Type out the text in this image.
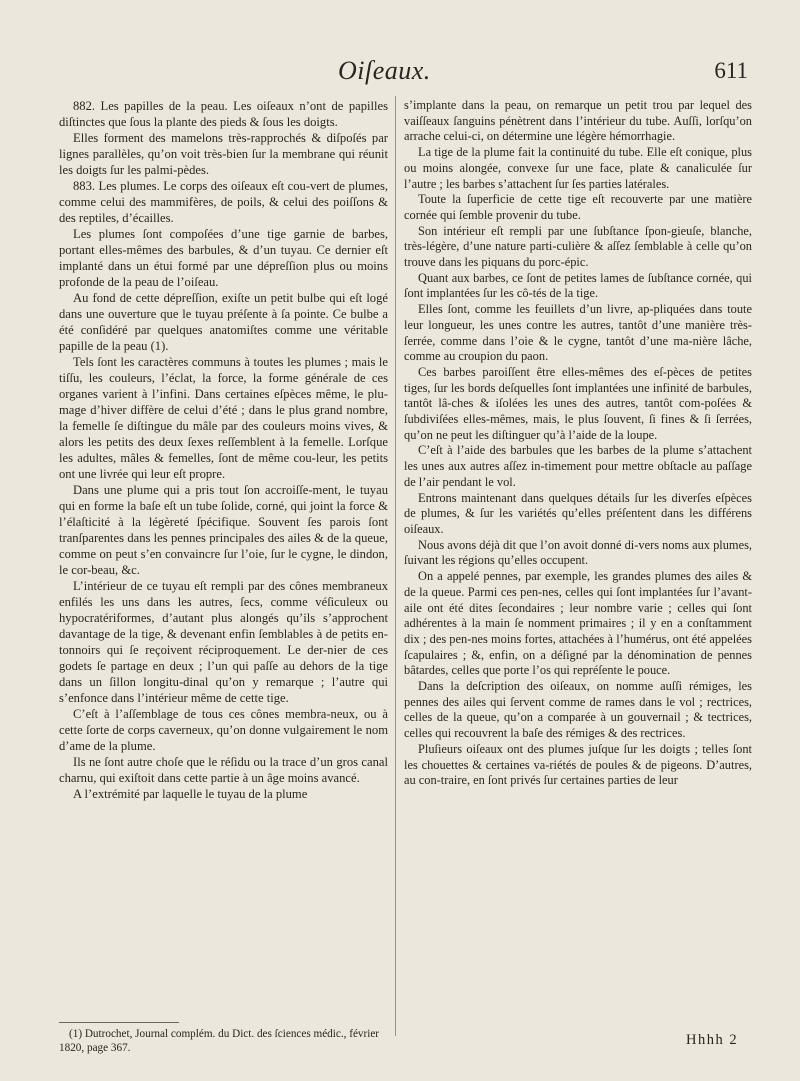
Oiſeaux.	611

882. Les papilles de la peau. Les oiſeaux n’ont de papilles diſtinctes que ſous la plante des pieds & ſous les doigts.

Elles forment des mamelons très-rapprochés & diſpoſés par lignes parallèles, qu’on voit très-bien ſur la membrane qui réunit les doigts ſur les palmi-pèdes.

883. Les plumes. Le corps des oiſeaux eſt cou-vert de plumes, comme celui des mammifères, de poils, & celui des poiſſons & des reptiles, d’écailles.

Les plumes ſont compoſées d’une tige garnie de barbes, portant elles-mêmes des barbules, & d’un tuyau. Ce dernier eſt implanté dans un étui formé par une dépreſſion plus ou moins profonde de la peau de l’oiſeau.

Au fond de cette dépreſſion, exiſte un petit bulbe qui eſt logé dans une ouverture que le tuyau préſente à ſa pointe. Ce bulbe a été conſidéré par quelques anatomiſtes comme une véritable papille de la peau (1).

Tels ſont les caractères communs à toutes les plumes ; mais le tiſſu, les couleurs, l’éclat, la force, la forme générale de ces organes varient à l’infini. Dans certaines eſpèces même, le plu-mage d’hiver diffère de celui d’été ; dans le plus grand nombre, la femelle ſe diſtingue du mâle par des couleurs moins vives, & alors les petits des deux ſexes reſſemblent à la femelle. Lorſque les adultes, mâles & femelles, ſont de même cou-leur, les petits ont une livrée qui leur eſt propre.

Dans une plume qui a pris tout ſon accroiſſe-ment, le tuyau qui en forme la baſe eſt un tube ſolide, corné, qui joint la force & l’élaſticité à la légèreté ſpécifique. Souvent ſes parois ſont tranſparentes dans les pennes principales des ailes & de la queue, comme on peut s’en convaincre ſur l’oie, ſur le cygne, le dindon, le cor-beau, &c.

L’intérieur de ce tuyau eſt rempli par des cônes membraneux enfilés les uns dans les autres, ſecs, comme véſiculeux ou hypocratériformes, d’autant plus alongés qu’ils s’approchent davantage de la tige, & devenant enfin ſemblables à de petits en-tonnoirs qui ſe reçoivent réciproquement. Le der-nier de ces godets ſe partage en deux ; l’un qui paſſe au dehors de la tige dans un ſillon longitu-dinal qu’on y remarque ; l’autre qui s’enfonce dans l’intérieur même de cette tige.

C’eſt à l’aſſemblage de tous ces cônes membra-neux, ou à cette ſorte de corps caverneux, qu’on donne vulgairement le nom d’ame de la plume.

Ils ne ſont autre choſe que le réſidu ou la trace d’un gros canal charnu, qui exiſtoit dans cette partie à un âge moins avancé.

A l’extrémité par laquelle le tuyau de la plume

s’implante dans la peau, on remarque un petit trou par lequel des vaiſſeaux ſanguins pénètrent dans l’intérieur du tube. Auſſi, lorſqu’on arrache celui-ci, on détermine une légère hémorrhagie.

La tige de la plume fait la continuité du tube. Elle eſt conique, plus ou moins alongée, convexe ſur une face, plate & canaliculée ſur l’autre ; les barbes s’attachent ſur ſes parties latérales.

Toute la ſuperficie de cette tige eſt recouverte par une matière cornée qui ſemble provenir du tube.

Son intérieur eſt rempli par une ſubſtance ſpon-gieuſe, blanche, très-légère, d’une nature parti-culière & aſſez ſemblable à celle qu’on trouve dans les piquans du porc-épic.

Quant aux barbes, ce ſont de petites lames de ſubſtance cornée, qui ſont implantées ſur les cô-tés de la tige.

Elles ſont, comme les feuillets d’un livre, ap-pliquées dans toute leur longueur, les unes contre les autres, tantôt d’une manière très-ſerrée, comme dans l’oie & le cygne, tantôt d’une ma-nière lâche, comme au croupion du paon.

Ces barbes paroiſſent être elles-mêmes des eſ-pèces de petites tiges, ſur les bords deſquelles ſont implantées une infinité de barbules, tantôt lâ-ches & iſolées les unes des autres, tantôt com-poſées & ſubdiviſées elles-mêmes, mais, le plus ſouvent, ſi fines & ſi ſerrées, qu’on ne peut les diſtinguer qu’à l’aide de la loupe.

C’eſt à l’aide des barbules que les barbes de la plume s’attachent les unes aux autres aſſez in-timement pour mettre obſtacle au paſſage de l’air pendant le vol.

Entrons maintenant dans quelques détails ſur les diverſes eſpèces de plumes, & ſur les variétés qu’elles préſentent dans les différens oiſeaux.

Nous avons déjà dit que l’on avoit donné di-vers noms aux plumes, ſuivant les régions qu’elles occupent.

On a appelé pennes, par exemple, les grandes plumes des ailes & de la queue. Parmi ces pen-nes, celles qui ſont implantées ſur l’avant-aile ont été dites ſecondaires ; leur nombre varie ; celles qui ſont adhérentes à la main ſe nomment primaires ; il y en a conſtamment dix ; des pen-nes moins fortes, attachées à l’humérus, ont été appelées ſcapulaires ; &, enfin, on a déſigné par la dénomination de pennes bâtardes, celles que porte l’os qui repréſente le pouce.

Dans la deſcription des oiſeaux, on nomme auſſi rémiges, les pennes des ailes qui ſervent comme de rames dans le vol ; rectrices, celles de la queue, qu’on a comparée à un gouvernail ; & tectrices, celles qui recouvrent la baſe des rémiges & des rectrices.

Pluſieurs oiſeaux ont des plumes juſque ſur les doigts ; telles ſont les chouettes & certaines va-riétés de poules & de pigeons. D’autres, au con-traire, en ſont privés ſur certaines parties de leur

(1) Dutrochet, Journal complém. du Dict. des ſciences médic., février 1820, page 367.	Hhhh 2
